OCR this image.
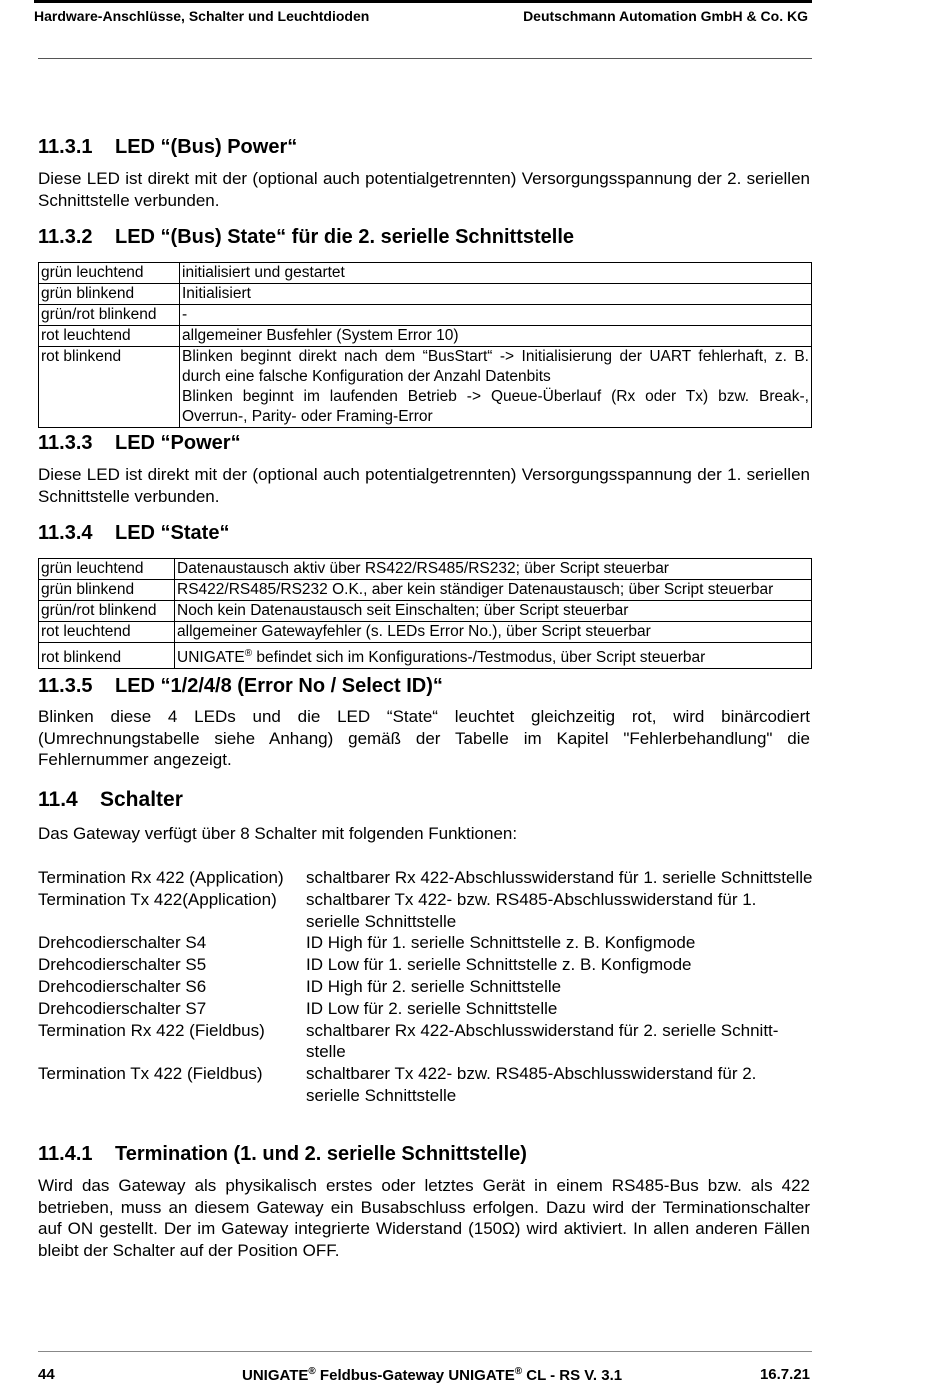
Hardware-Anschlüsse, Schalter und Leuchtdioden	Deutschmann Automation GmbH & Co. KG
11.3.1 LED “(Bus) Power“

Diese LED ist direkt mit der (optional auch potentialgetrennten) Versorgungsspannung der 2. seriellen Schnittstelle verbunden.

11.3.2 LED “(Bus) State“ für die 2. serielle Schnittstelle
grün leuchtend	initialisiert und gestartet
grün blinkend	Initialisiert
grün/rot blinkend	-
rot leuchtend	allgemeiner Busfehler (System Error 10)
rot blinkend	Blinken beginnt direkt nach dem “BusStart“ -> Initialisierung der UART fehlerhaft, z. B. durch eine falsche Konfiguration der Anzahl Datenbits
Blinken beginnt im laufenden Betrieb -> Queue-Überlauf (Rx oder Tx) bzw. Break-, Overrun-, Parity- oder Framing-Error
11.3.3 LED “Power“

Diese LED ist direkt mit der (optional auch potentialgetrennten) Versorgungsspannung der 1. seriellen Schnittstelle verbunden.

11.3.4 LED “State“
grün leuchtend	Datenaustausch aktiv über RS422/RS485/RS232; über Script steuerbar
grün blinkend	RS422/RS485/RS232 O.K., aber kein ständiger Datenaustausch; über Script steuerbar
grün/rot blinkend	Noch kein Datenaustausch seit Einschalten; über Script steuerbar
rot leuchtend	allgemeiner Gatewayfehler (s. LEDs Error No.), über Script steuerbar
rot blinkend	UNIGATE® befindet sich im Konfigurations-/Testmodus, über Script steuerbar
11.3.5 LED “1/2/4/8 (Error No / Select ID)“

Blinken diese 4 LEDs und die LED “State“ leuchtet gleichzeitig rot, wird binärcodiert (Umrechnungstabelle siehe Anhang) gemäß der Tabelle im Kapitel "Fehlerbehandlung" die Fehlernummer angezeigt.

11.4 Schalter

Das Gateway verfügt über 8 Schalter mit folgenden Funktionen:

Termination Rx 422 (Application)	schaltbarer Rx 422-Abschlusswiderstand für 1. serielle Schnittstelle
Termination Tx 422(Application)	schaltbarer Tx 422- bzw. RS485-Abschlusswiderstand für 1. serielle Schnittstelle
Drehcodierschalter S4	ID High für 1. serielle Schnittstelle z. B. Konfigmode
Drehcodierschalter S5	ID Low für 1. serielle Schnittstelle z. B. Konfigmode
Drehcodierschalter S6	ID High für 2. serielle Schnittstelle
Drehcodierschalter S7	ID Low für 2. serielle Schnittstelle
Termination Rx 422 (Fieldbus)	schaltbarer Rx 422-Abschlusswiderstand für 2. serielle Schnitt-stelle
Termination Tx 422 (Fieldbus)	schaltbarer Tx 422- bzw. RS485-Abschlusswiderstand für 2. serielle Schnittstelle
11.4.1 Termination (1. und 2. serielle Schnittstelle)

Wird das Gateway als physikalisch erstes oder letztes Gerät in einem RS485-Bus bzw. als 422 betrieben, muss an diesem Gateway ein Busabschluss erfolgen. Dazu wird der Terminationschalter auf ON gestellt. Der im Gateway integrierte Widerstand (150Ω) wird aktiviert. In allen anderen Fällen bleibt der Schalter auf der Position OFF.

44	UNIGATE® Feldbus-Gateway UNIGATE® CL - RS V. 3.1	16.7.21
